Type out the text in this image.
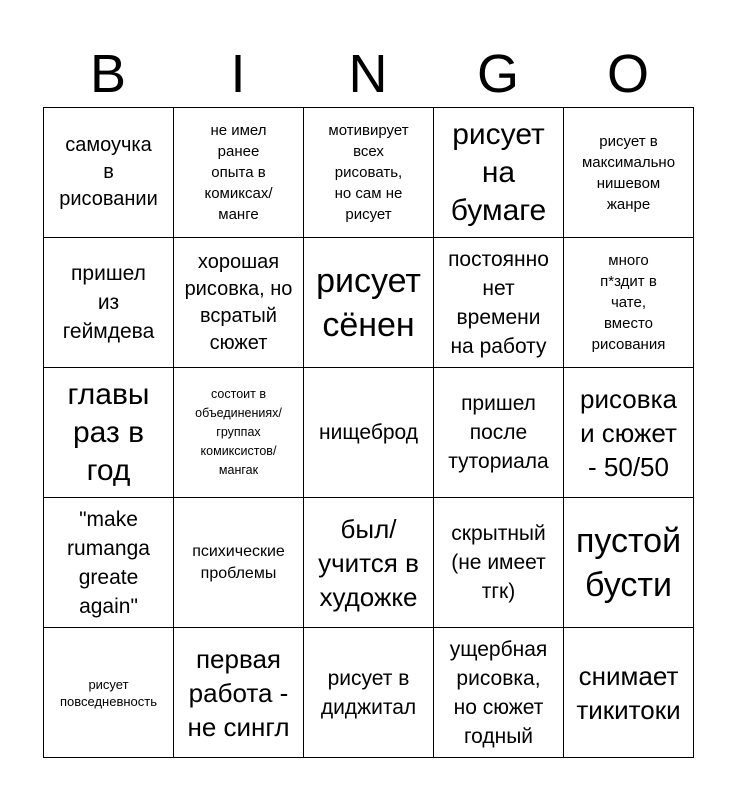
B	I	N	G	O
самоучка
в
рисовании
не имел
ранее
опыта в
комиксах/
манге
мотивирует
всех
рисовать,
но сам не
рисует
рисует
на
бумаге
рисует в
максимально
нишевом
жанре
пришел
из
геймдева
хорошая
рисовка, но
всратый
сюжет
рисует
сёнен
постоянно
нет
времени
на работу
много
п*здит в
чате,
вместо
рисования
главы
раз в
год
состоит в
объединениях/
группах
комиксистов/
мангак
нищеброд
пришел
после
туториала
рисовка
и сюжет
- 50/50
"make
rumanga
greate
again"
психические
проблемы
был/
учится в
художке
скрытный
(не имеет
тгк)
пустой
бусти
рисует
повседневность
первая
работа -
не сингл
рисует в
диджитал
ущербная
рисовка,
но сюжет
годный
снимает
тикитоки
